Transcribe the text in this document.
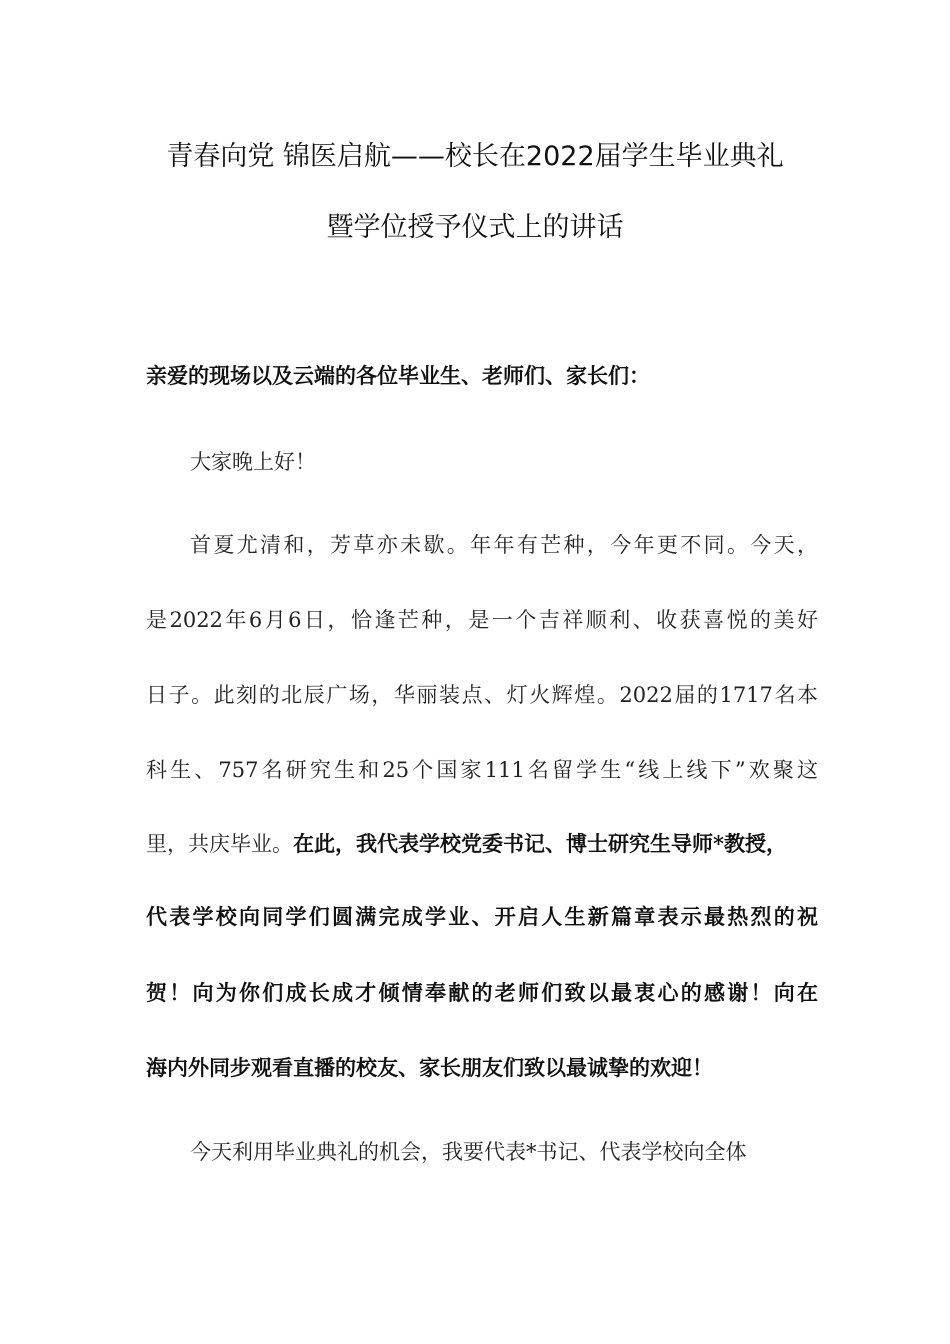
青春向党 锦医启航——校长在2022届学生毕业典礼
暨学位授予仪式上的讲话
亲爱的现场以及云端的各位毕业生、老师们、家长们：
大家晚上好！
首夏尤清和，芳草亦未歇。年年有芒种，今年更不同。今天，
是2022年6月6日，恰逢芒种，是一个吉祥顺利、收获喜悦的美好
日子。此刻的北辰广场，华丽装点、灯火辉煌。2022届的1717名本
科生、757名研究生和25个国家111名留学生“线上线下”欢聚这
里，共庆毕业。在此，我代表学校党委书记、博士研究生导师*教授，
代表学校向同学们圆满完成学业、开启人生新篇章表示最热烈的祝
贺！向为你们成长成才倾情奉献的老师们致以最衷心的感谢！向在
海内外同步观看直播的校友、家长朋友们致以最诚挚的欢迎！
今天利用毕业典礼的机会，我要代表*书记、代表学校向全体
